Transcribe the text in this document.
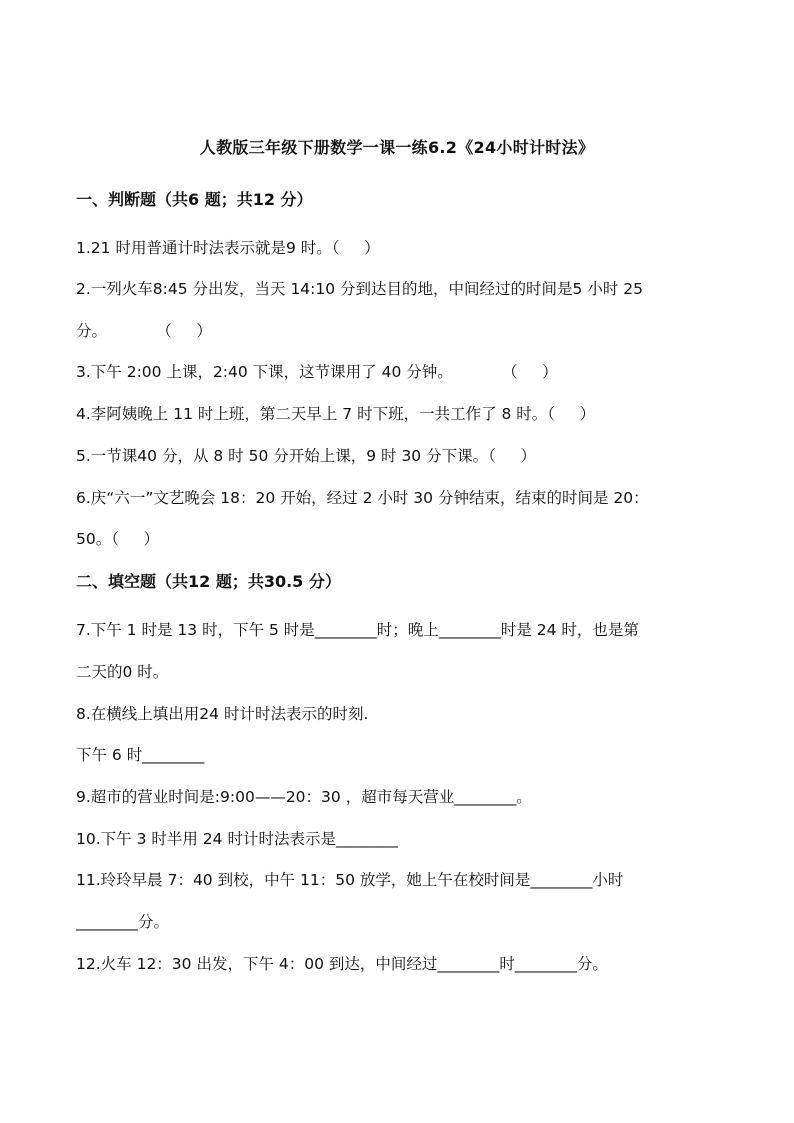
人教版三年级下册数学一课一练6.2《24小时计时法》
一、判断题（共6 题；共12 分）
1.21 时用普通计时法表示就是9 时。（     ）
2.一列火车8:45 分出发，当天 14:10 分到达目的地，中间经过的时间是5 小时 25
分。          （     ）
3.下午 2:00 上课，2:40 下课，这节课用了 40 分钟。          （     ）
4.李阿姨晚上 11 时上班，第二天早上 7 时下班，一共工作了 8 时。（     ）
5.一节课40 分，从 8 时 50 分开始上课，9 时 30 分下课。（     ）
6.庆“六一”文艺晚会 18：20 开始，经过 2 小时 30 分钟结束，结束的时间是 20：
50。（     ）
二、填空题（共12 题；共30.5 分）
7.下午 1 时是 13 时，下午 5 时是________时；晚上________时是 24 时，也是第
二天的0 时。
8.在横线上填出用24 时计时法表示的时刻.
下午 6 时________
9.超市的营业时间是:9:00——20：30 ，超市每天营业________。
10.下午 3 时半用 24 时计时法表示是________
11.玲玲早晨 7：40 到校，中午 11：50 放学，她上午在校时间是________小时
________分。
12.火车 12：30 出发，下午 4：00 到达，中间经过________时________分。
